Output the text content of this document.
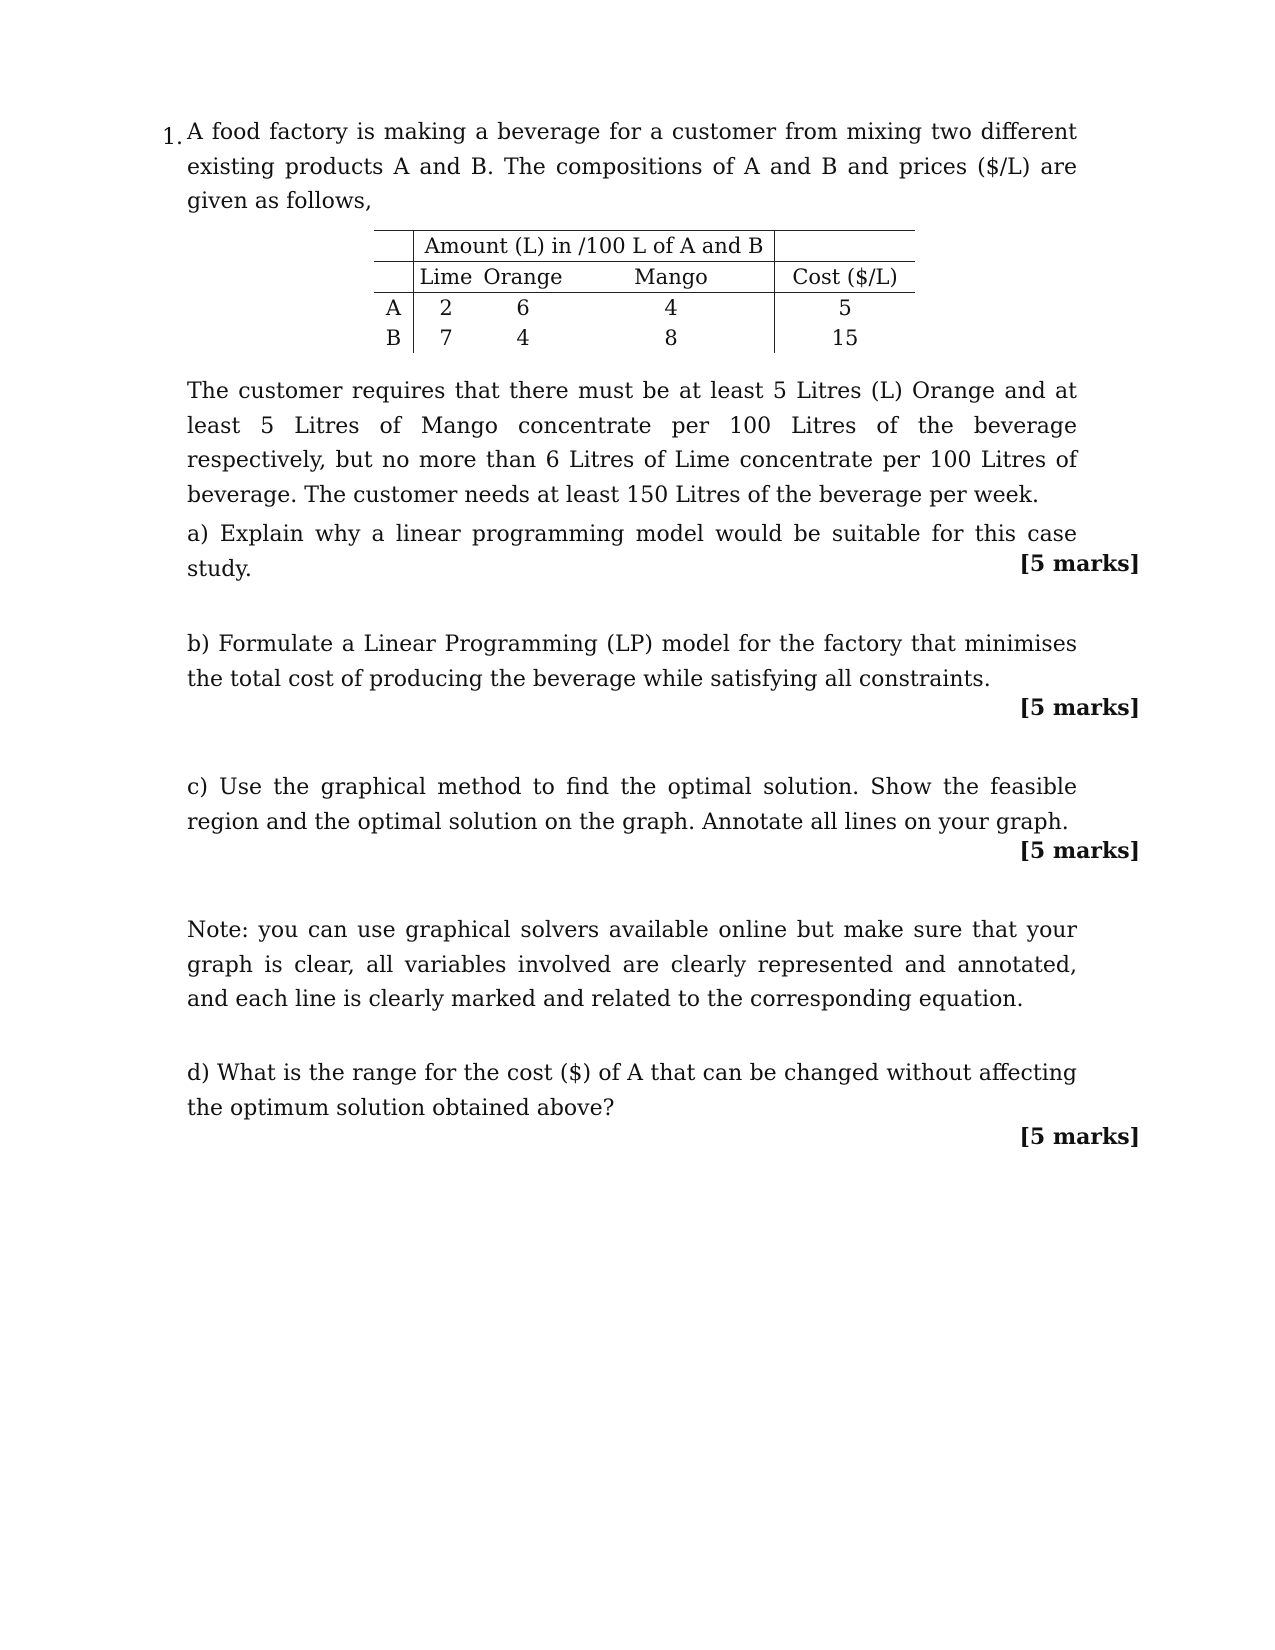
1. A food factory is making a beverage for a customer from mixing two different existing products A and B. The compositions of A and B and prices ($/L) are given as follows,
	Amount (L) in /100 L of A and B			
	Lime	Orange	Mango	Cost ($/L)
A	2	6	4	5
B	7	4	8	15
The customer requires that there must be at least 5 Litres (L) Orange and at least 5 Litres of Mango concentrate per 100 Litres of the beverage respectively, but no more than 6 Litres of Lime concentrate per 100 Litres of beverage. The customer needs at least 150 Litres of the beverage per week.
a) Explain why a linear programming model would be suitable for this case study.	[5 marks]
b) Formulate a Linear Programming (LP) model for the factory that minimises the total cost of producing the beverage while satisfying all constraints.
[5 marks]
c) Use the graphical method to find the optimal solution. Show the feasible region and the optimal solution on the graph. Annotate all lines on your graph.
[5 marks]
Note: you can use graphical solvers available online but make sure that your graph is clear, all variables involved are clearly represented and annotated, and each line is clearly marked and related to the corresponding equation.
d) What is the range for the cost ($) of A that can be changed without affecting the optimum solution obtained above?
[5 marks]
